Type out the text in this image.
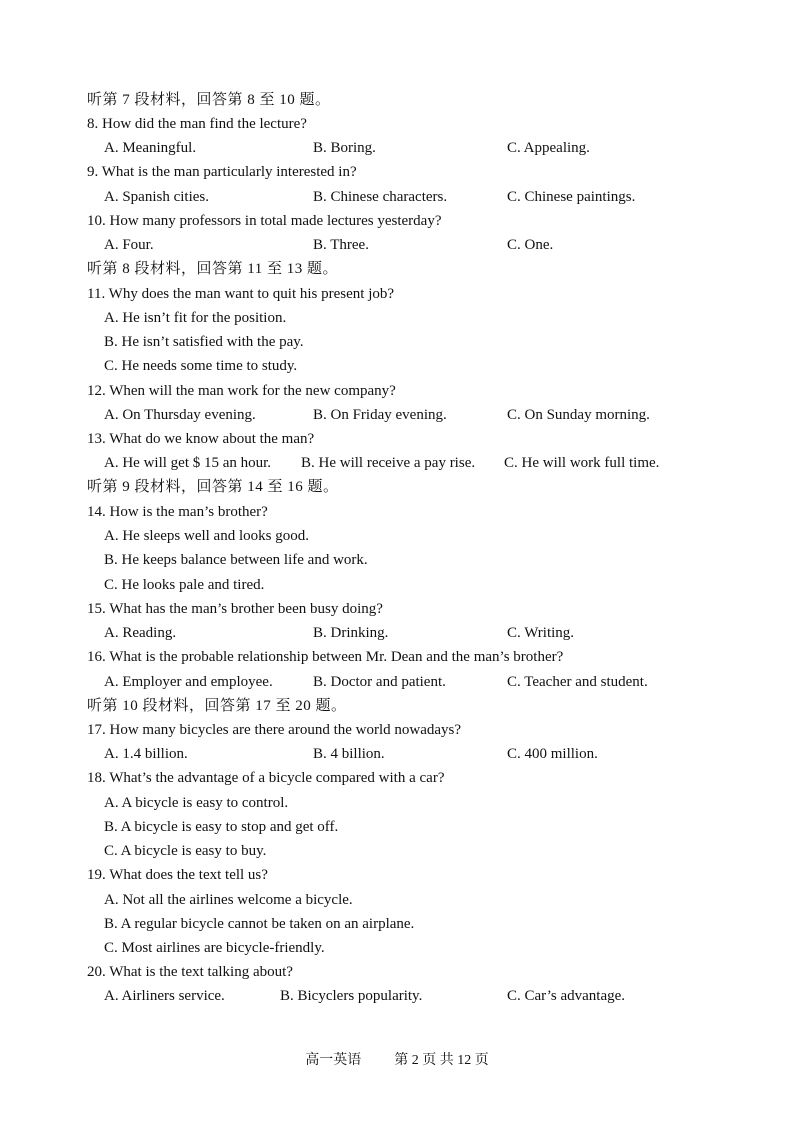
听第 7 段材料，回答第 8 至 10 题。
8. How did the man find the lecture?
A. Meaningful.	B. Boring.	C. Appealing.
9. What is the man particularly interested in?
A. Spanish cities.	B. Chinese characters.	C. Chinese paintings.
10. How many professors in total made lectures yesterday?
A. Four.	B. Three.	C. One.
听第 8 段材料，回答第 11 至 13 题。
11. Why does the man want to quit his present job?
A. He isn’t fit for the position.
B. He isn’t satisfied with the pay.
C. He needs some time to study.
12. When will the man work for the new company?
A. On Thursday evening.	B. On Friday evening.	C. On Sunday morning.
13. What do we know about the man?
A. He will get $ 15 an hour. B. He will receive a pay rise. C. He will work full time.
听第 9 段材料，回答第 14 至 16 题。
14. How is the man’s brother?
A. He sleeps well and looks good.
B. He keeps balance between life and work.
C. He looks pale and tired.
15. What has the man’s brother been busy doing?
A. Reading.	B. Drinking.	C. Writing.
16. What is the probable relationship between Mr. Dean and the man’s brother?
A. Employer and employee.	B. Doctor and patient.	C. Teacher and student.
听第 10 段材料，回答第 17 至 20 题。
17. How many bicycles are there around the world nowadays?
A. 1.4 billion.	B. 4 billion.	C. 400 million.
18. What’s the advantage of a bicycle compared with a car?
A. A bicycle is easy to control.
B. A bicycle is easy to stop and get off.
C. A bicycle is easy to buy.
19. What does the text tell us?
A. Not all the airlines welcome a bicycle.
B. A regular bicycle cannot be taken on an airplane.
C. Most airlines are bicycle-friendly.
20. What is the text talking about?
A. Airliners service.	B. Bicyclers popularity.	C. Car’s advantage.
高一英语 第 2 页 共 12 页
